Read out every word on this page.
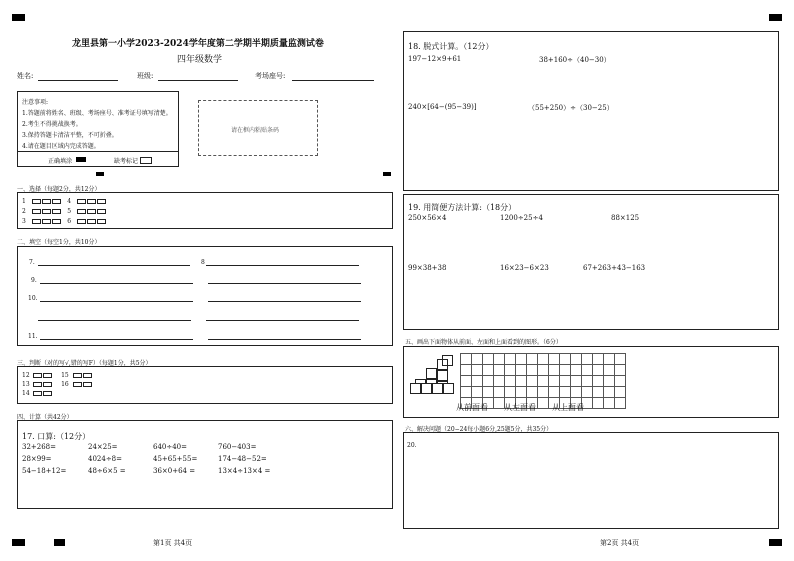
龙里县第一小学2023-2024学年度第二学期半期质量监测试卷
四年级数学
姓名:	班级:	考场座号:
注意事项:
1.答题前将姓名、班级、考场座号、准考证号填写清楚。
2.考生不得挑战换考。
3.保持答题卡清洁平整，不可折叠。
4.请在题目区域内完成答题。
正确填涂	缺考标记
请在框内粘贴条码
一、选择（每题2分，共12分）
1	4
2	5
3	6
二、填空（每空1分，共10分）
7.	8
9.
10.
11.
三、判断（对的写√,错的写F）（每题1分，共5分）
12	15
13	16
14
四、计算（共42分）
17. 口算:（12分）
32+268=	24×25=	640÷40=	760−403=
28×99=	4024÷8=	45+65+55=	174−48−52=
54−18+12=	48÷6×5 =	36×0+64 =	13×4÷13×4 =
18. 脱式计算。（12分）
197−12×9+61	38+160÷（40−30）
240×[64−(95−39)]	（55+250）÷（30−25）
19. 用简便方法计算:（18分）
250×56×4	1200÷25÷4	88×125
99×38+38	16×23−6×23	67+263+43−163
五、画出下面物体从前面、左面和上面看到的图形。（6分）

从前面看 从左面看 从上面看
六、解决问题（20−24每小题6分,25题5分，共35分）
20.
第1页 共4页	第2页 共4页
